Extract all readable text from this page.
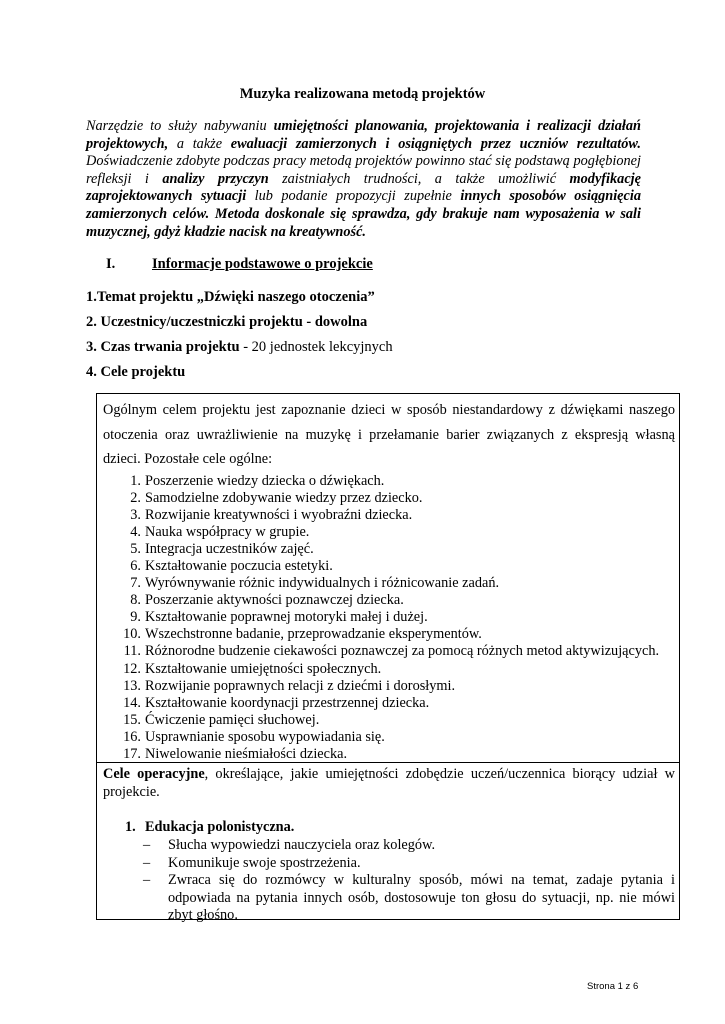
Muzyka realizowana metodą projektów
Narzędzie to służy nabywaniu umiejętności planowania, projektowania i realizacji działań projektowych, a także ewaluacji zamierzonych i osiągniętych przez uczniów rezultatów. Doświadczenie zdobyte podczas pracy metodą projektów powinno stać się podstawą pogłębionej refleksji i analizy przyczyn zaistniałych trudności, a także umożliwić modyfikację zaprojektowanych sytuacji lub podanie propozycji zupełnie innych sposobów osiągnięcia zamierzonych celów. Metoda doskonale się sprawdza, gdy brakuje nam wyposażenia w sali muzycznej, gdyż kładzie nacisk na kreatywność.
I.	Informacje podstawowe o projekcie
1.Temat projektu „Dźwięki naszego otoczenia”
2. Uczestnicy/uczestniczki projektu - dowolna
3. Czas trwania projektu - 20 jednostek lekcyjnych
4. Cele projektu
Ogólnym celem projektu jest zapoznanie dzieci w sposób niestandardowy z dźwiękami naszego otoczenia oraz uwrażliwienie na muzykę i przełamanie barier związanych z ekspresją własną dzieci. Pozostałe cele ogólne:
1. Poszerzenie wiedzy dziecka o dźwiękach.
2. Samodzielne zdobywanie wiedzy przez dziecko.
3. Rozwijanie kreatywności i wyobraźni dziecka.
4. Nauka współpracy w grupie.
5. Integracja uczestników zajęć.
6. Kształtowanie poczucia estetyki.
7. Wyrównywanie różnic indywidualnych i różnicowanie zadań.
8. Poszerzanie aktywności poznawczej dziecka.
9. Kształtowanie poprawnej motoryki małej i dużej.
10. Wszechstronne badanie, przeprowadzanie eksperymentów.
11. Różnorodne budzenie ciekawości poznawczej za pomocą różnych metod aktywizujących.
12. Kształtowanie umiejętności społecznych.
13. Rozwijanie poprawnych relacji z dziećmi i dorosłymi.
14. Kształtowanie koordynacji przestrzennej dziecka.
15. Ćwiczenie pamięci słuchowej.
16. Usprawnianie sposobu wypowiadania się.
17. Niwelowanie nieśmiałości dziecka.
Cele operacyjne, określające, jakie umiejętności zdobędzie uczeń/uczennica biorący udział w projekcie.
1. Edukacja polonistyczna.
– Słucha wypowiedzi nauczyciela oraz kolegów.
– Komunikuje swoje spostrzeżenia.
– Zwraca się do rozmówcy w kulturalny sposób, mówi na temat, zadaje pytania i odpowiada na pytania innych osób, dostosowuje ton głosu do sytuacji, np. nie mówi zbyt głośno.
Strona 1 z 6
